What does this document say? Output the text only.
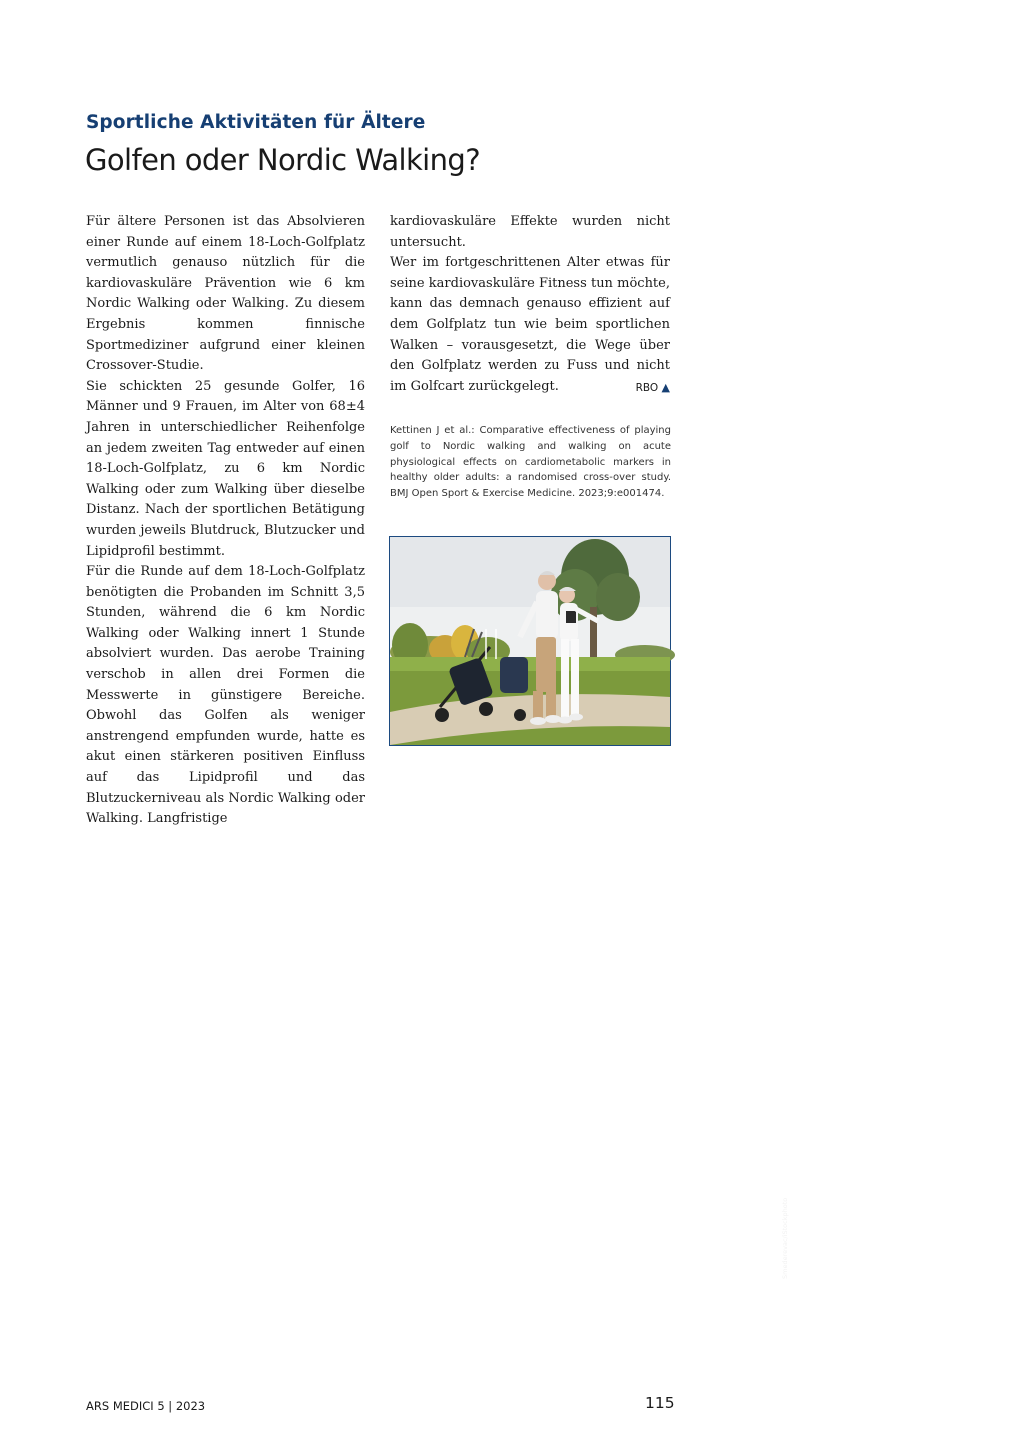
Sportliche Aktivitäten für Ältere
Golfen oder Nordic Walking?

Für ältere Personen ist das Absolvieren einer Runde auf einem 18-Loch-Golfplatz vermutlich genauso nützlich für die kardiovaskuläre Prävention wie 6 km Nordic Walking oder Walking. Zu diesem Ergebnis kommen finnische Sportmediziner aufgrund einer kleinen Crossover-Studie.

Sie schickten 25 gesunde Golfer, 16 Männer und 9 Frauen, im Alter von 68±4 Jahren in unterschiedlicher Reihenfolge an jedem zweiten Tag entweder auf einen 18-Loch-Golfplatz, zu 6 km Nordic Walking oder zum Walking über dieselbe Distanz. Nach der sportlichen Betätigung wurden jeweils Blutdruck, Blutzucker und Lipidprofil bestimmt.

Für die Runde auf dem 18-Loch-Golfplatz benötigten die Probanden im Schnitt 3,5 Stunden, während die 6 km Nordic Walking oder Walking innert 1 Stunde absolviert wurden. Das aerobe Training verschob in allen drei Formen die Messwerte in günstigere Bereiche. Obwohl das Golfen als weniger anstrengend empfunden wurde, hatte es akut einen stärkeren positiven Einfluss auf das Lipidprofil und das Blutzuckerniveau als Nordic Walking oder Walking. Langfristige

kardiovaskuläre Effekte wurden nicht untersucht.

Wer im fortgeschrittenen Alter etwas für seine kardiovaskuläre Fitness tun möchte, kann das demnach genauso effizient auf dem Golfplatz tun wie beim sportlichen Walken – vorausgesetzt, die Wege über den Golfplatz werden zu Fuss und nicht im Golfcart zurückgelegt.	RBO ▲

Kettinen J et al.: Comparative effectiveness of playing golf to Nordic walking and walking on acute physiological effects on cardiometabolic markers in healthy older adults: a randomised cross-over study. BMJ Open Sport & Exercise Medicine. 2023;9:e001474.
Smederevac/iStockphoto
ARS MEDICI 5 | 2023	115
